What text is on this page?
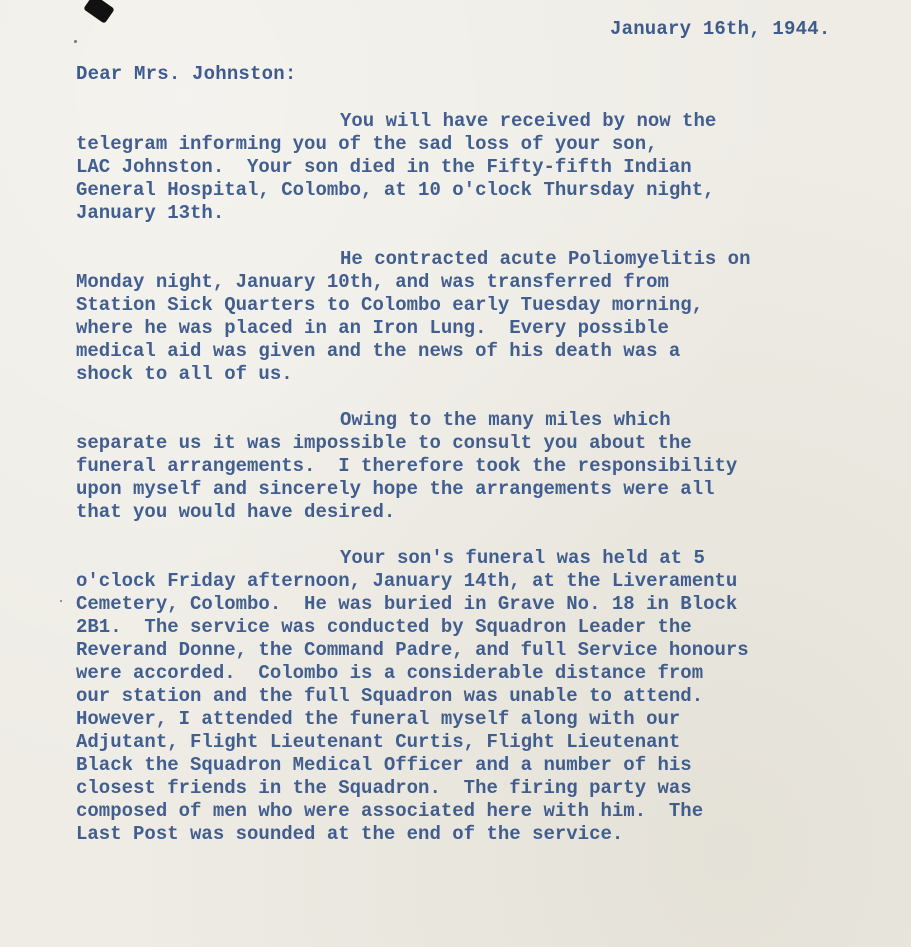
January 16th, 1944.
Dear Mrs. Johnston:
You will have received by now the
telegram informing you of the sad loss of your son,
LAC Johnston.  Your son died in the Fifty-fifth Indian
General Hospital, Colombo, at 10 o'clock Thursday night,
January 13th.
He contracted acute Poliomyelitis on
Monday night, January 10th, and was transferred from
Station Sick Quarters to Colombo early Tuesday morning,
where he was placed in an Iron Lung.  Every possible
medical aid was given and the news of his death was a
shock to all of us.
Owing to the many miles which
separate us it was impossible to consult you about the
funeral arrangements.  I therefore took the responsibility
upon myself and sincerely hope the arrangements were all
that you would have desired.
Your son's funeral was held at 5
o'clock Friday afternoon, January 14th, at the Liveramentu
Cemetery, Colombo.  He was buried in Grave No. 18 in Block
2B1.  The service was conducted by Squadron Leader the
Reverand Donne, the Command Padre, and full Service honours
were accorded.  Colombo is a considerable distance from
our station and the full Squadron was unable to attend.
However, I attended the funeral myself along with our
Adjutant, Flight Lieutenant Curtis, Flight Lieutenant
Black the Squadron Medical Officer and a number of his
closest friends in the Squadron.  The firing party was
composed of men who were associated here with him.  The
Last Post was sounded at the end of the service.
